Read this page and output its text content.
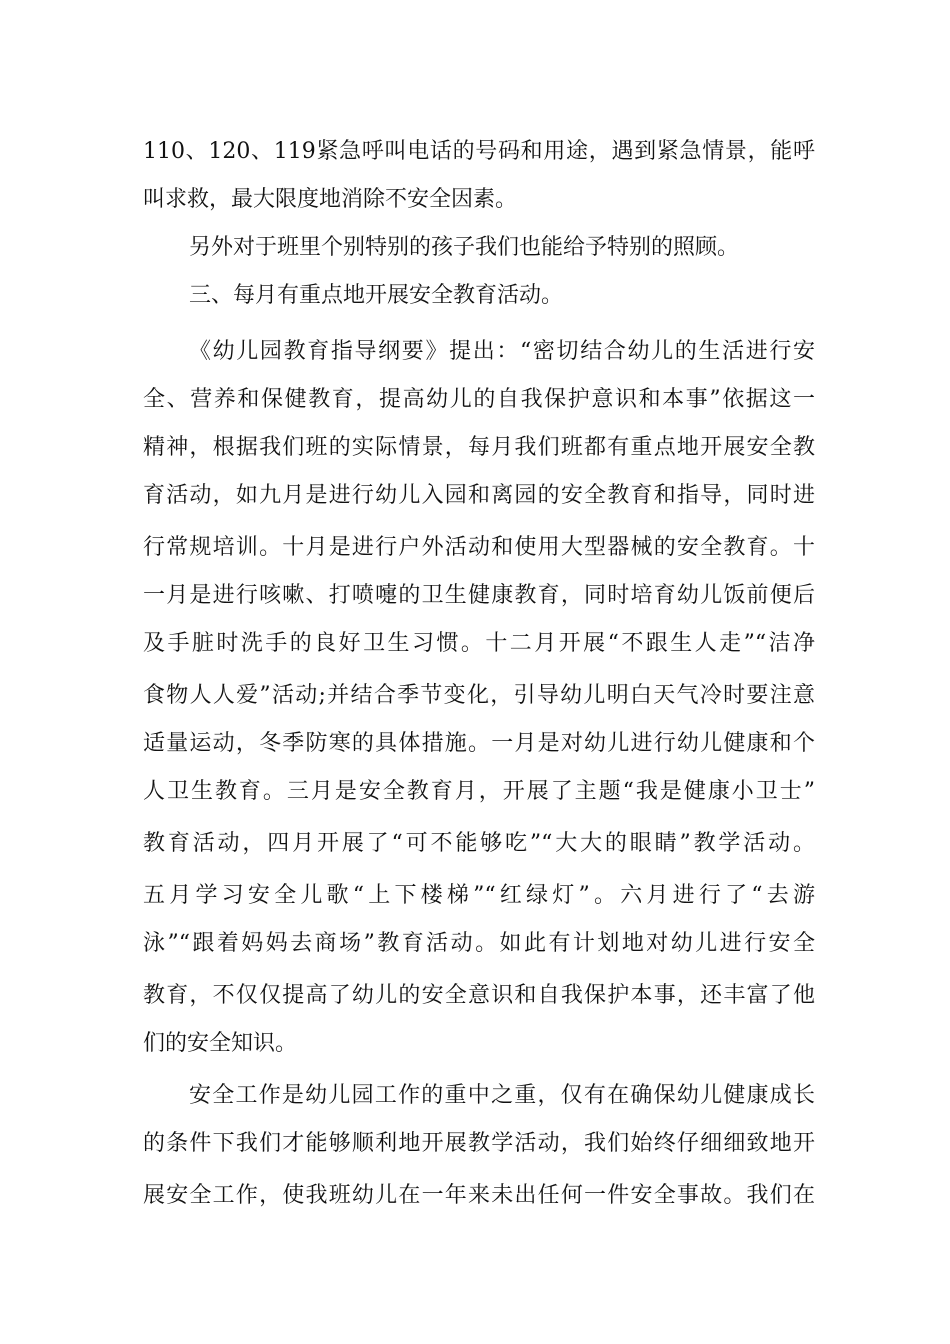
110、120、119紧急呼叫电话的号码和用途，遇到紧急情景，能呼
叫求救，最大限度地消除不安全因素。
另外对于班里个别特别的孩子我们也能给予特别的照顾。
三、每月有重点地开展安全教育活动。
《幼儿园教育指导纲要》提出：“密切结合幼儿的生活进行安
全、营养和保健教育，提高幼儿的自我保护意识和本事”依据这一
精神，根据我们班的实际情景，每月我们班都有重点地开展安全教
育活动，如九月是进行幼儿入园和离园的安全教育和指导，同时进
行常规培训。十月是进行户外活动和使用大型器械的安全教育。十
一月是进行咳嗽、打喷嚏的卫生健康教育，同时培育幼儿饭前便后
及手脏时洗手的良好卫生习惯。十二月开展“不跟生人走”“洁净
食物人人爱”活动;并结合季节变化，引导幼儿明白天气冷时要注意
适量运动，冬季防寒的具体措施。一月是对幼儿进行幼儿健康和个
人卫生教育。三月是安全教育月，开展了主题“我是健康小卫士”
教育活动，四月开展了“可不能够吃”“大大的眼睛”教学活动。
五月学习安全儿歌“上下楼梯”“红绿灯”。六月进行了“去游
泳”“跟着妈妈去商场”教育活动。如此有计划地对幼儿进行安全
教育，不仅仅提高了幼儿的安全意识和自我保护本事，还丰富了他
们的安全知识。
安全工作是幼儿园工作的重中之重，仅有在确保幼儿健康成长
的条件下我们才能够顺利地开展教学活动，我们始终仔细细致地开
展安全工作，使我班幼儿在一年来未出任何一件安全事故。我们在
